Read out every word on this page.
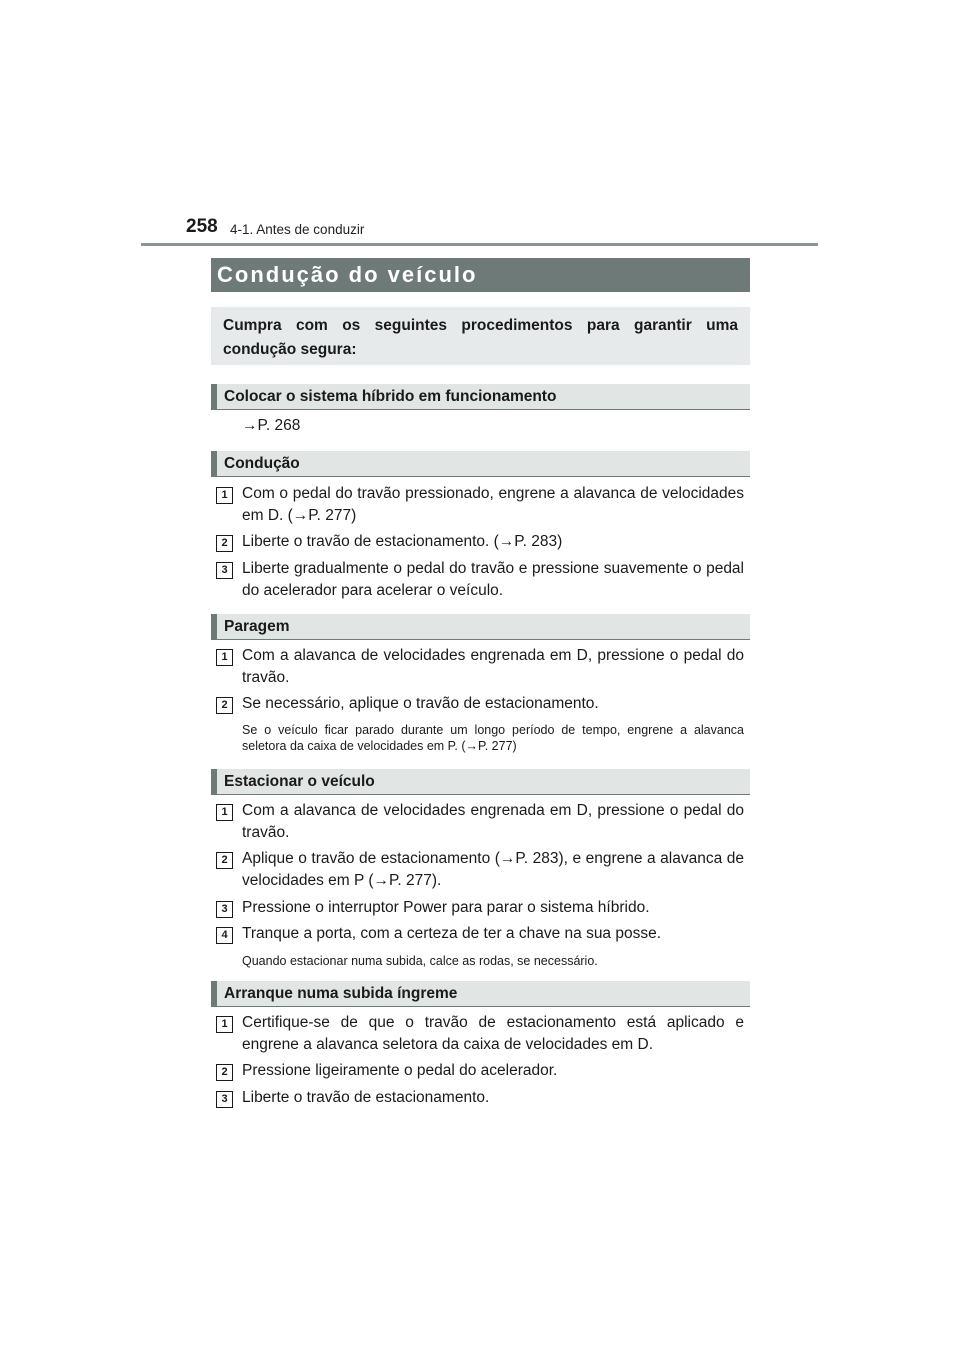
258 4-1. Antes de conduzir
Condução do veículo
Cumpra com os seguintes procedimentos para garantir uma condução segura:
Colocar o sistema híbrido em funcionamento
→P. 268
Condução
1 Com o pedal do travão pressionado, engrene a alavanca de velocidades em D. (→P. 277)
2 Liberte o travão de estacionamento. (→P. 283)
3 Liberte gradualmente o pedal do travão e pressione suavemente o pedal do acelerador para acelerar o veículo.
Paragem
1 Com a alavanca de velocidades engrenada em D, pressione o pedal do travão.
2 Se necessário, aplique o travão de estacionamento.
Se o veículo ficar parado durante um longo período de tempo, engrene a alavanca seletora da caixa de velocidades em P. (→P. 277)
Estacionar o veículo
1 Com a alavanca de velocidades engrenada em D, pressione o pedal do travão.
2 Aplique o travão de estacionamento (→P. 283), e engrene a alavanca de velocidades em P (→P. 277).
3 Pressione o interruptor Power para parar o sistema híbrido.
4 Tranque a porta, com a certeza de ter a chave na sua posse.
Quando estacionar numa subida, calce as rodas, se necessário.
Arranque numa subida íngreme
1 Certifique-se de que o travão de estacionamento está aplicado e engrene a alavanca seletora da caixa de velocidades em D.
2 Pressione ligeiramente o pedal do acelerador.
3 Liberte o travão de estacionamento.
